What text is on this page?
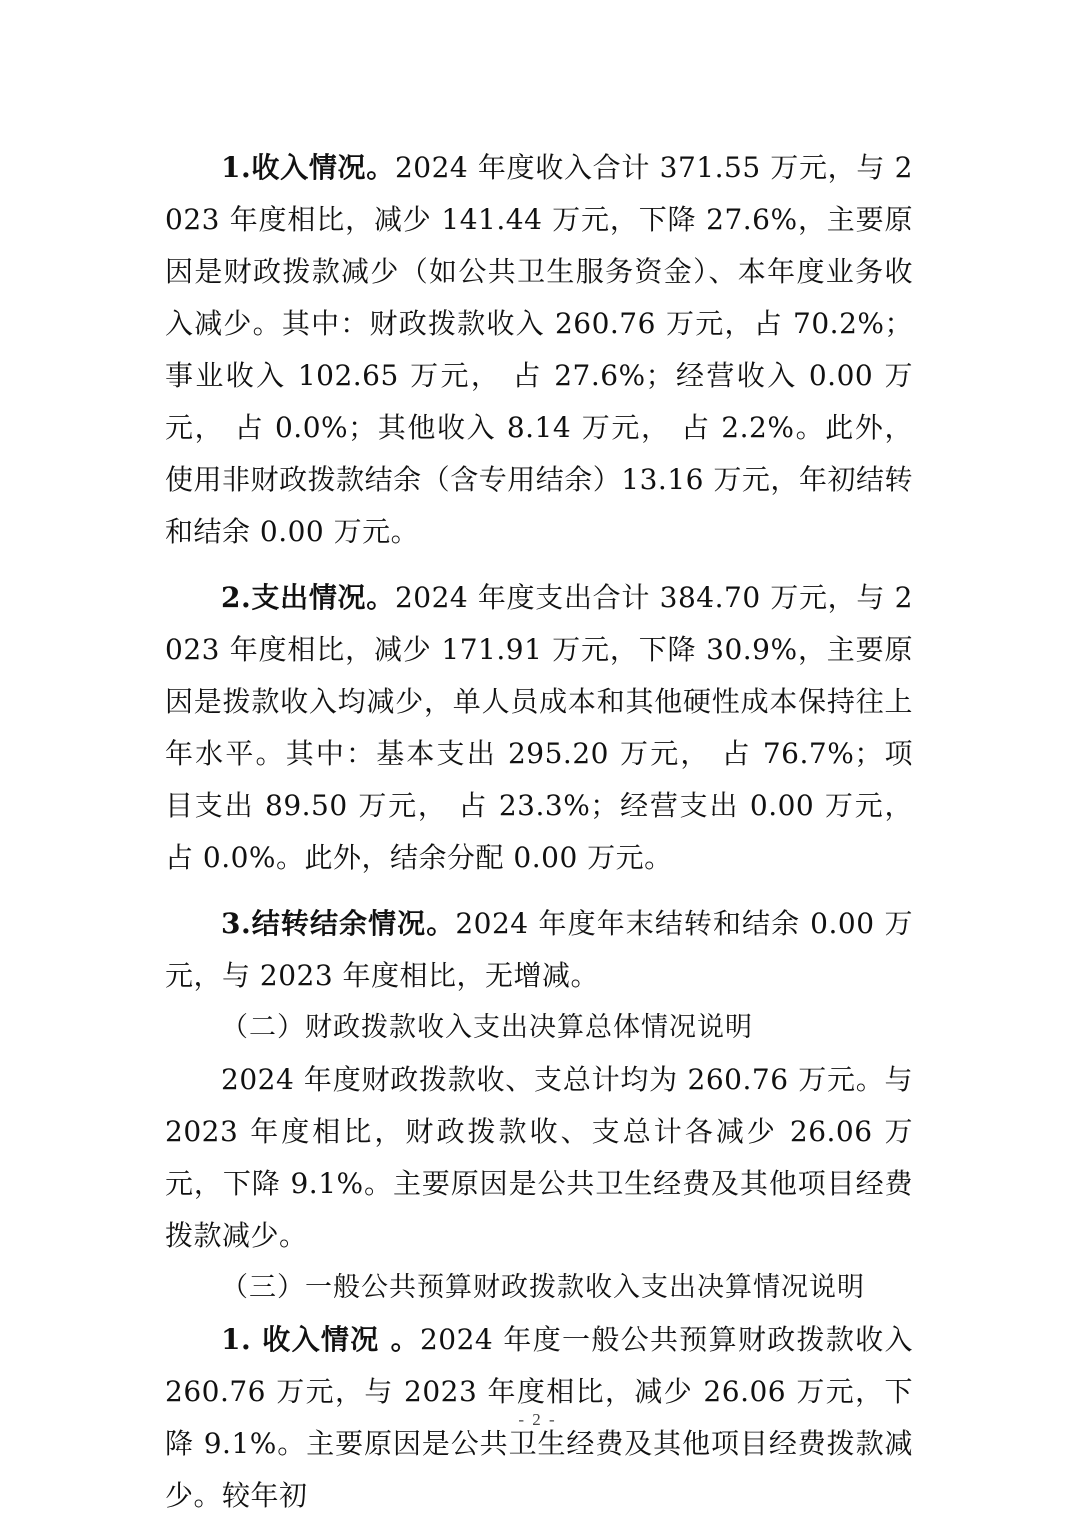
1.收入情况。2024 年度收入合计 371.55 万元，与 2023 年度相比，减少 141.44 万元，下降 27.6%，主要原因是财政拨款减少（如公共卫生服务资金）、本年度业务收入减少。其中：财政拨款收入 260.76 万元，占 70.2%；事业收入 102.65 万元， 占 27.6%；经营收入 0.00 万元， 占 0.0%；其他收入 8.14 万元， 占 2.2%。此外，使用非财政拨款结余（含专用结余）13.16 万元，年初结转和结余 0.00 万元。

2.支出情况。2024 年度支出合计 384.70 万元，与 2023 年度相比，减少 171.91 万元，下降 30.9%，主要原因是拨款收入均减少，单人员成本和其他硬性成本保持往上年水平。其中：基本支出 295.20 万元， 占 76.7%；项 目支出 89.50 万元， 占 23.3%；经营支出 0.00 万元， 占 0.0%。此外，结余分配 0.00 万元。

3.结转结余情况。2024 年度年末结转和结余 0.00 万元，与 2023 年度相比，无增减。

（二）财政拨款收入支出决算总体情况说明

2024 年度财政拨款收、支总计均为 260.76 万元。与 2023 年度相比，财政拨款收、支总计各减少 26.06 万元，下降 9.1%。主要原因是公共卫生经费及其他项目经费拨款减少。

（三）一般公共预算财政拨款收入支出决算情况说明

1. 收入情况 。2024 年度一般公共预算财政拨款收入 260.76 万元，与 2023 年度相比，减少 26.06 万元，下降 9.1%。主要原因是公共卫生经费及其他项目经费拨款减少。较年初

- 2 -
